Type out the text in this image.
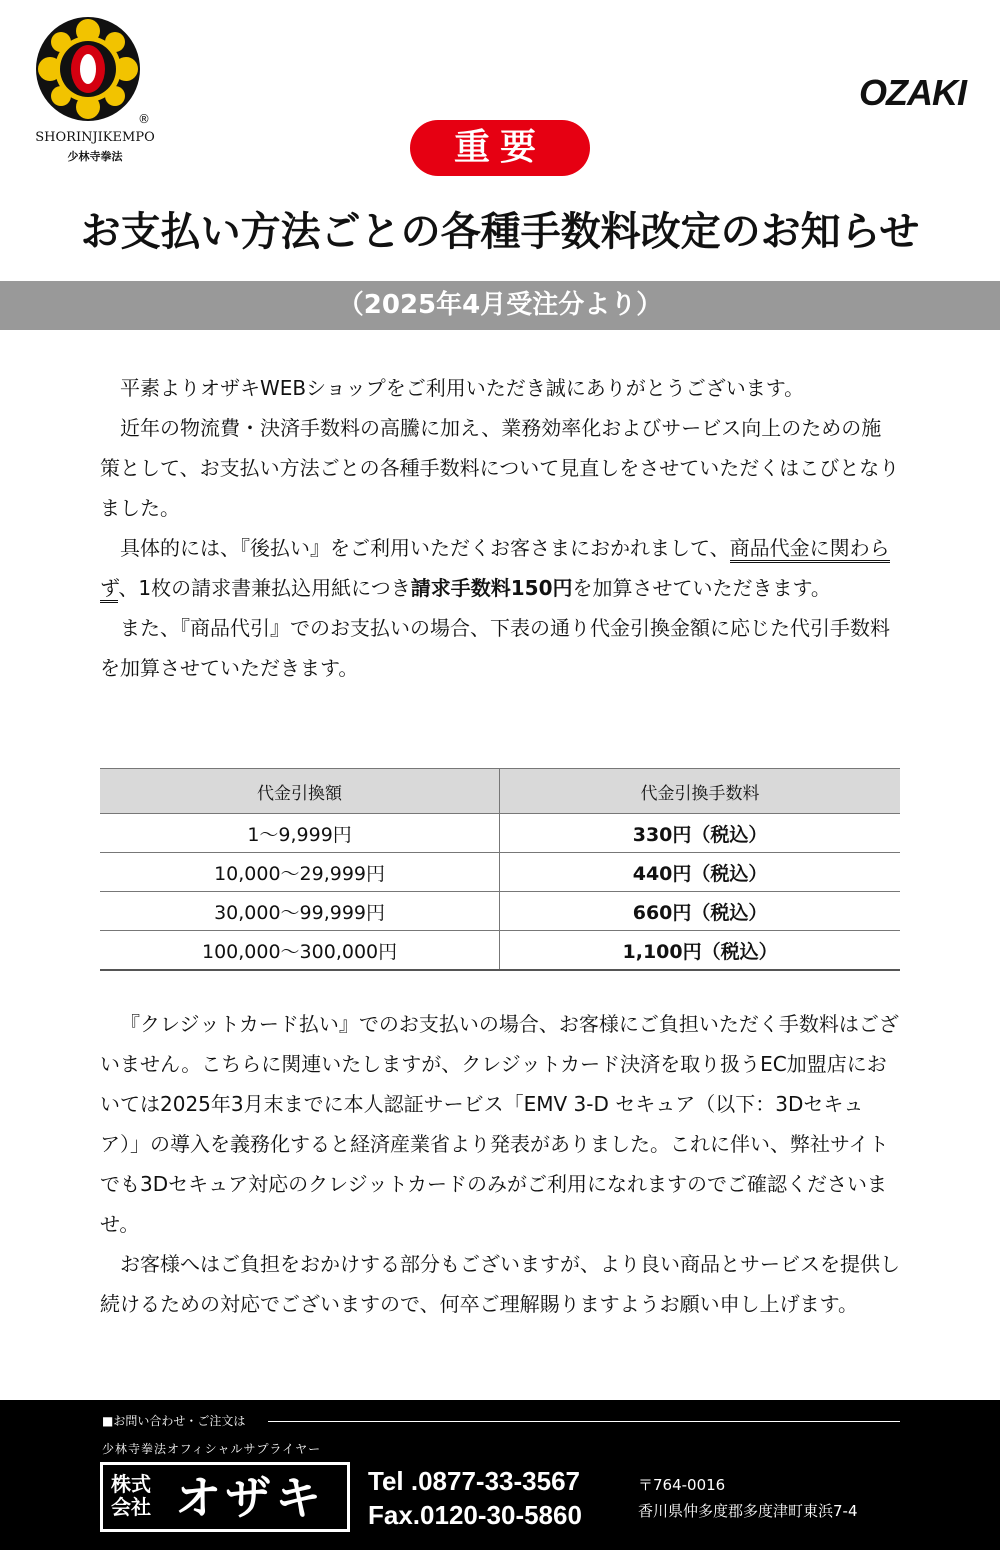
®
SHORINJIKEMPO
少林寺拳法
OZAKI
重要
お支払い方法ごとの各種手数料改定のお知らせ
（2025年4月受注分より）

平素よりオザキWEBショップをご利用いただき誠にありがとうございます。

近年の物流費・決済手数料の高騰に加え、業務効率化およびサービス向上のための施策として、お支払い方法ごとの各種手数料について見直しをさせていただくはこびとなりました。

具体的には、『後払い』をご利用いただくお客さまにおかれまして、商品代金に関わらず、1枚の請求書兼払込用紙につき請求手数料150円を加算させていただきます。

また、『商品代引』でのお支払いの場合、下表の通り代金引換金額に応じた代引手数料を加算させていただきます。

代金引換額	代金引換手数料
1〜9,999円	330円（税込）
10,000〜29,999円	440円（税込）
30,000〜99,999円	660円（税込）
100,000〜300,000円	1,100円（税込）

『クレジットカード払い』でのお支払いの場合、お客様にご負担いただく手数料はございません。こちらに関連いたしますが、クレジットカード決済を取り扱うEC加盟店においては2025年3月末までに本人認証サービス「EMV 3-D セキュア（以下：3Dセキュア）」の導入を義務化すると経済産業省より発表がありました。これに伴い、弊社サイトでも3Dセキュア対応のクレジットカードのみがご利用になれますのでご確認くださいませ。

お客様へはご負担をおかけする部分もございますが、より良い商品とサービスを提供し続けるための対応でございますので、何卒ご理解賜りますようお願い申し上げます。

■お問い合わせ・ご注文は
少林寺拳法オフィシャルサプライヤー
株式
会社 オザキ Tel .0877-33-3567
Fax.0120-30-5860
〒764-0016
香川県仲多度郡多度津町東浜7-4
